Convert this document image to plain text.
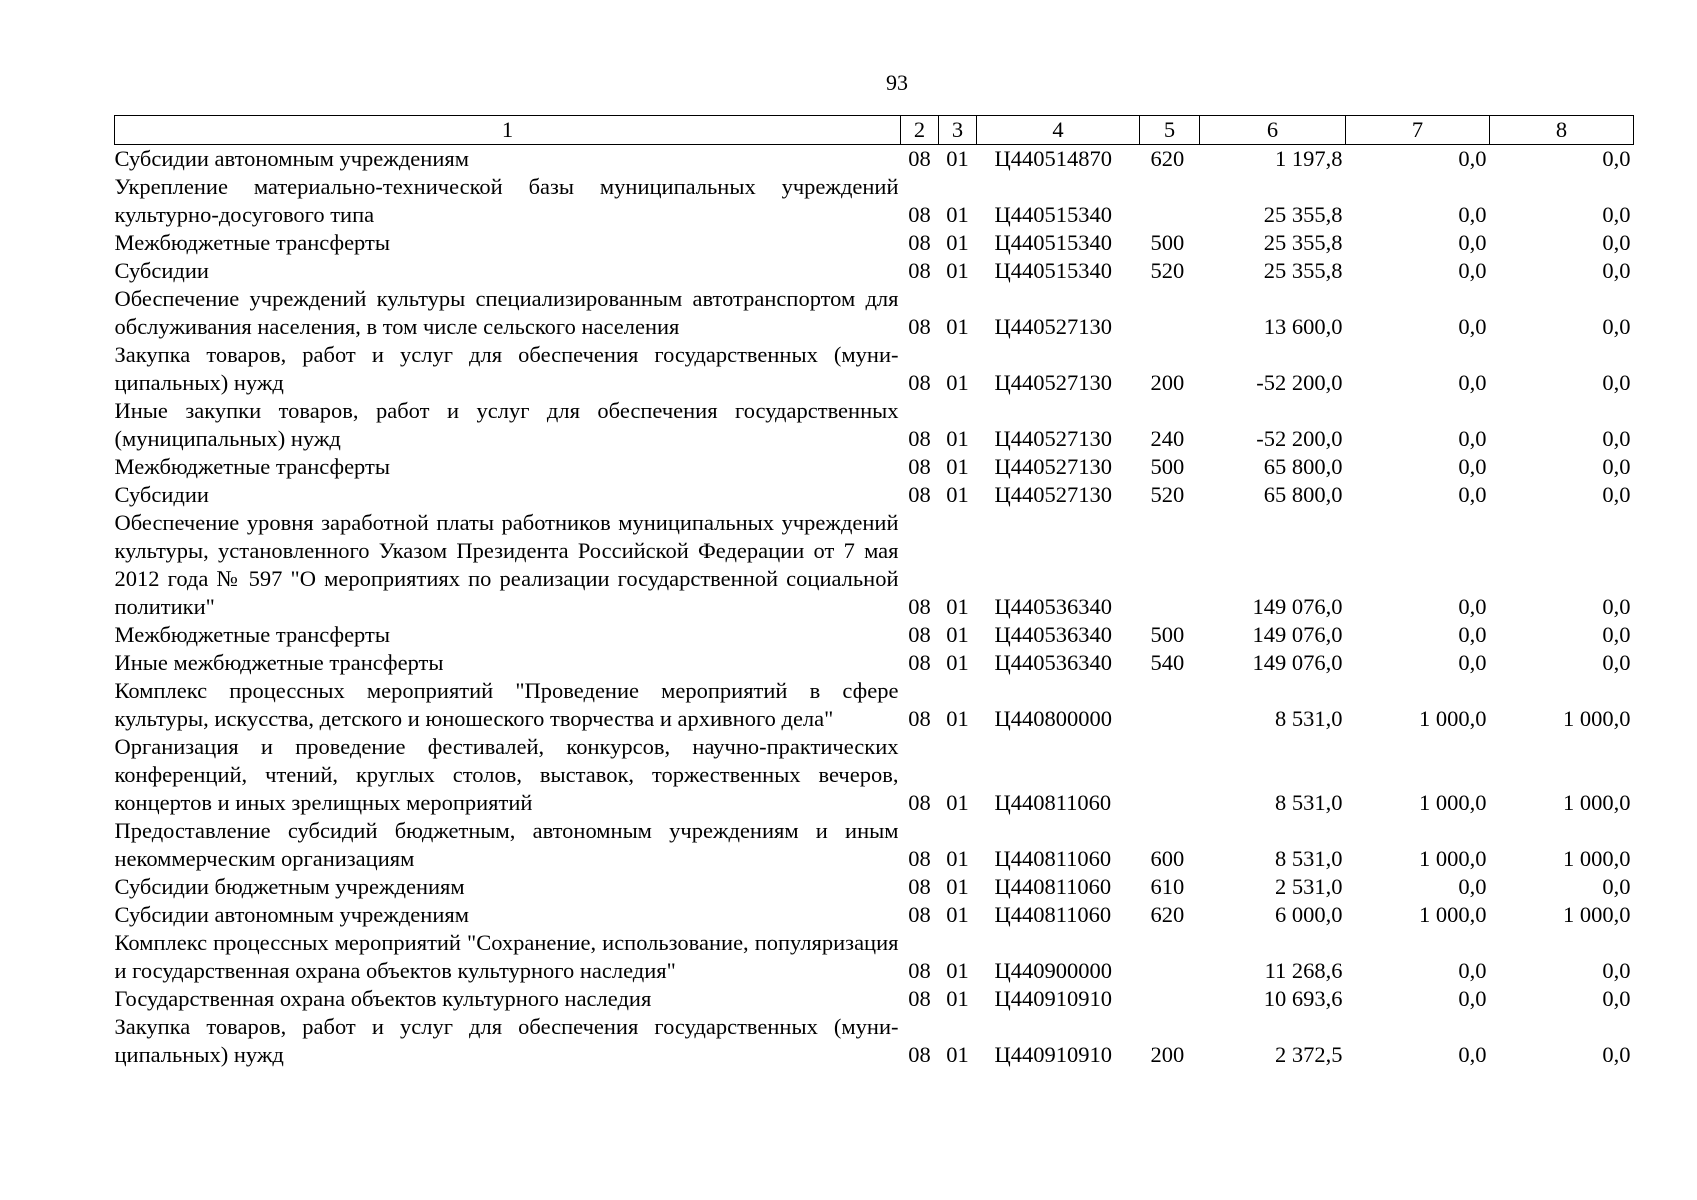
93
1	2	3	4	5	6	7	8
Субсидии автономным учреждениям	08	01	Ц440514870	620	1 197,8	0,0	0,0
Укрепление материально-технической базы муниципальных учреждений культурно-досугового типа	08	01	Ц440515340		25 355,8	0,0	0,0
Межбюджетные трансферты	08	01	Ц440515340	500	25 355,8	0,0	0,0
Субсидии	08	01	Ц440515340	520	25 355,8	0,0	0,0
Обеспечение учреждений культуры специализированным автотранспортом для обслуживания населения, в том числе сельского населения	08	01	Ц440527130		13 600,0	0,0	0,0
Закупка товаров, работ и услуг для обеспечения государственных (муниципальных) нужд	08	01	Ц440527130	200	-52 200,0	0,0	0,0
Иные закупки товаров, работ и услуг для обеспечения государственных (муниципальных) нужд	08	01	Ц440527130	240	-52 200,0	0,0	0,0
Межбюджетные трансферты	08	01	Ц440527130	500	65 800,0	0,0	0,0
Субсидии	08	01	Ц440527130	520	65 800,0	0,0	0,0
Обеспечение уровня заработной платы работников муниципальных учреждений культуры, установленного Указом Президента Российской Федерации от 7 мая 2012 года № 597 "О мероприятиях по реализации государственной социальной политики"	08	01	Ц440536340		149 076,0	0,0	0,0
Межбюджетные трансферты	08	01	Ц440536340	500	149 076,0	0,0	0,0
Иные межбюджетные трансферты	08	01	Ц440536340	540	149 076,0	0,0	0,0
Комплекс процессных мероприятий "Проведение мероприятий в сфере культуры, искусства, детского и юношеского творчества и архивного дела"	08	01	Ц440800000		8 531,0	1 000,0	1 000,0
Организация и проведение фестивалей, конкурсов, научно-практических конференций, чтений, круглых столов, выставок, торжественных вечеров, концертов и иных зрелищных мероприятий	08	01	Ц440811060		8 531,0	1 000,0	1 000,0
Предоставление субсидий бюджетным, автономным учреждениям и иным некоммерческим организациям	08	01	Ц440811060	600	8 531,0	1 000,0	1 000,0
Субсидии бюджетным учреждениям	08	01	Ц440811060	610	2 531,0	0,0	0,0
Субсидии автономным учреждениям	08	01	Ц440811060	620	6 000,0	1 000,0	1 000,0
Комплекс процессных мероприятий "Сохранение, использование, популяризация и государственная охрана объектов культурного наследия"	08	01	Ц440900000		11 268,6	0,0	0,0
Государственная охрана объектов культурного наследия	08	01	Ц440910910		10 693,6	0,0	0,0
Закупка товаров, работ и услуг для обеспечения государственных (муниципальных) нужд	08	01	Ц440910910	200	2 372,5	0,0	0,0
